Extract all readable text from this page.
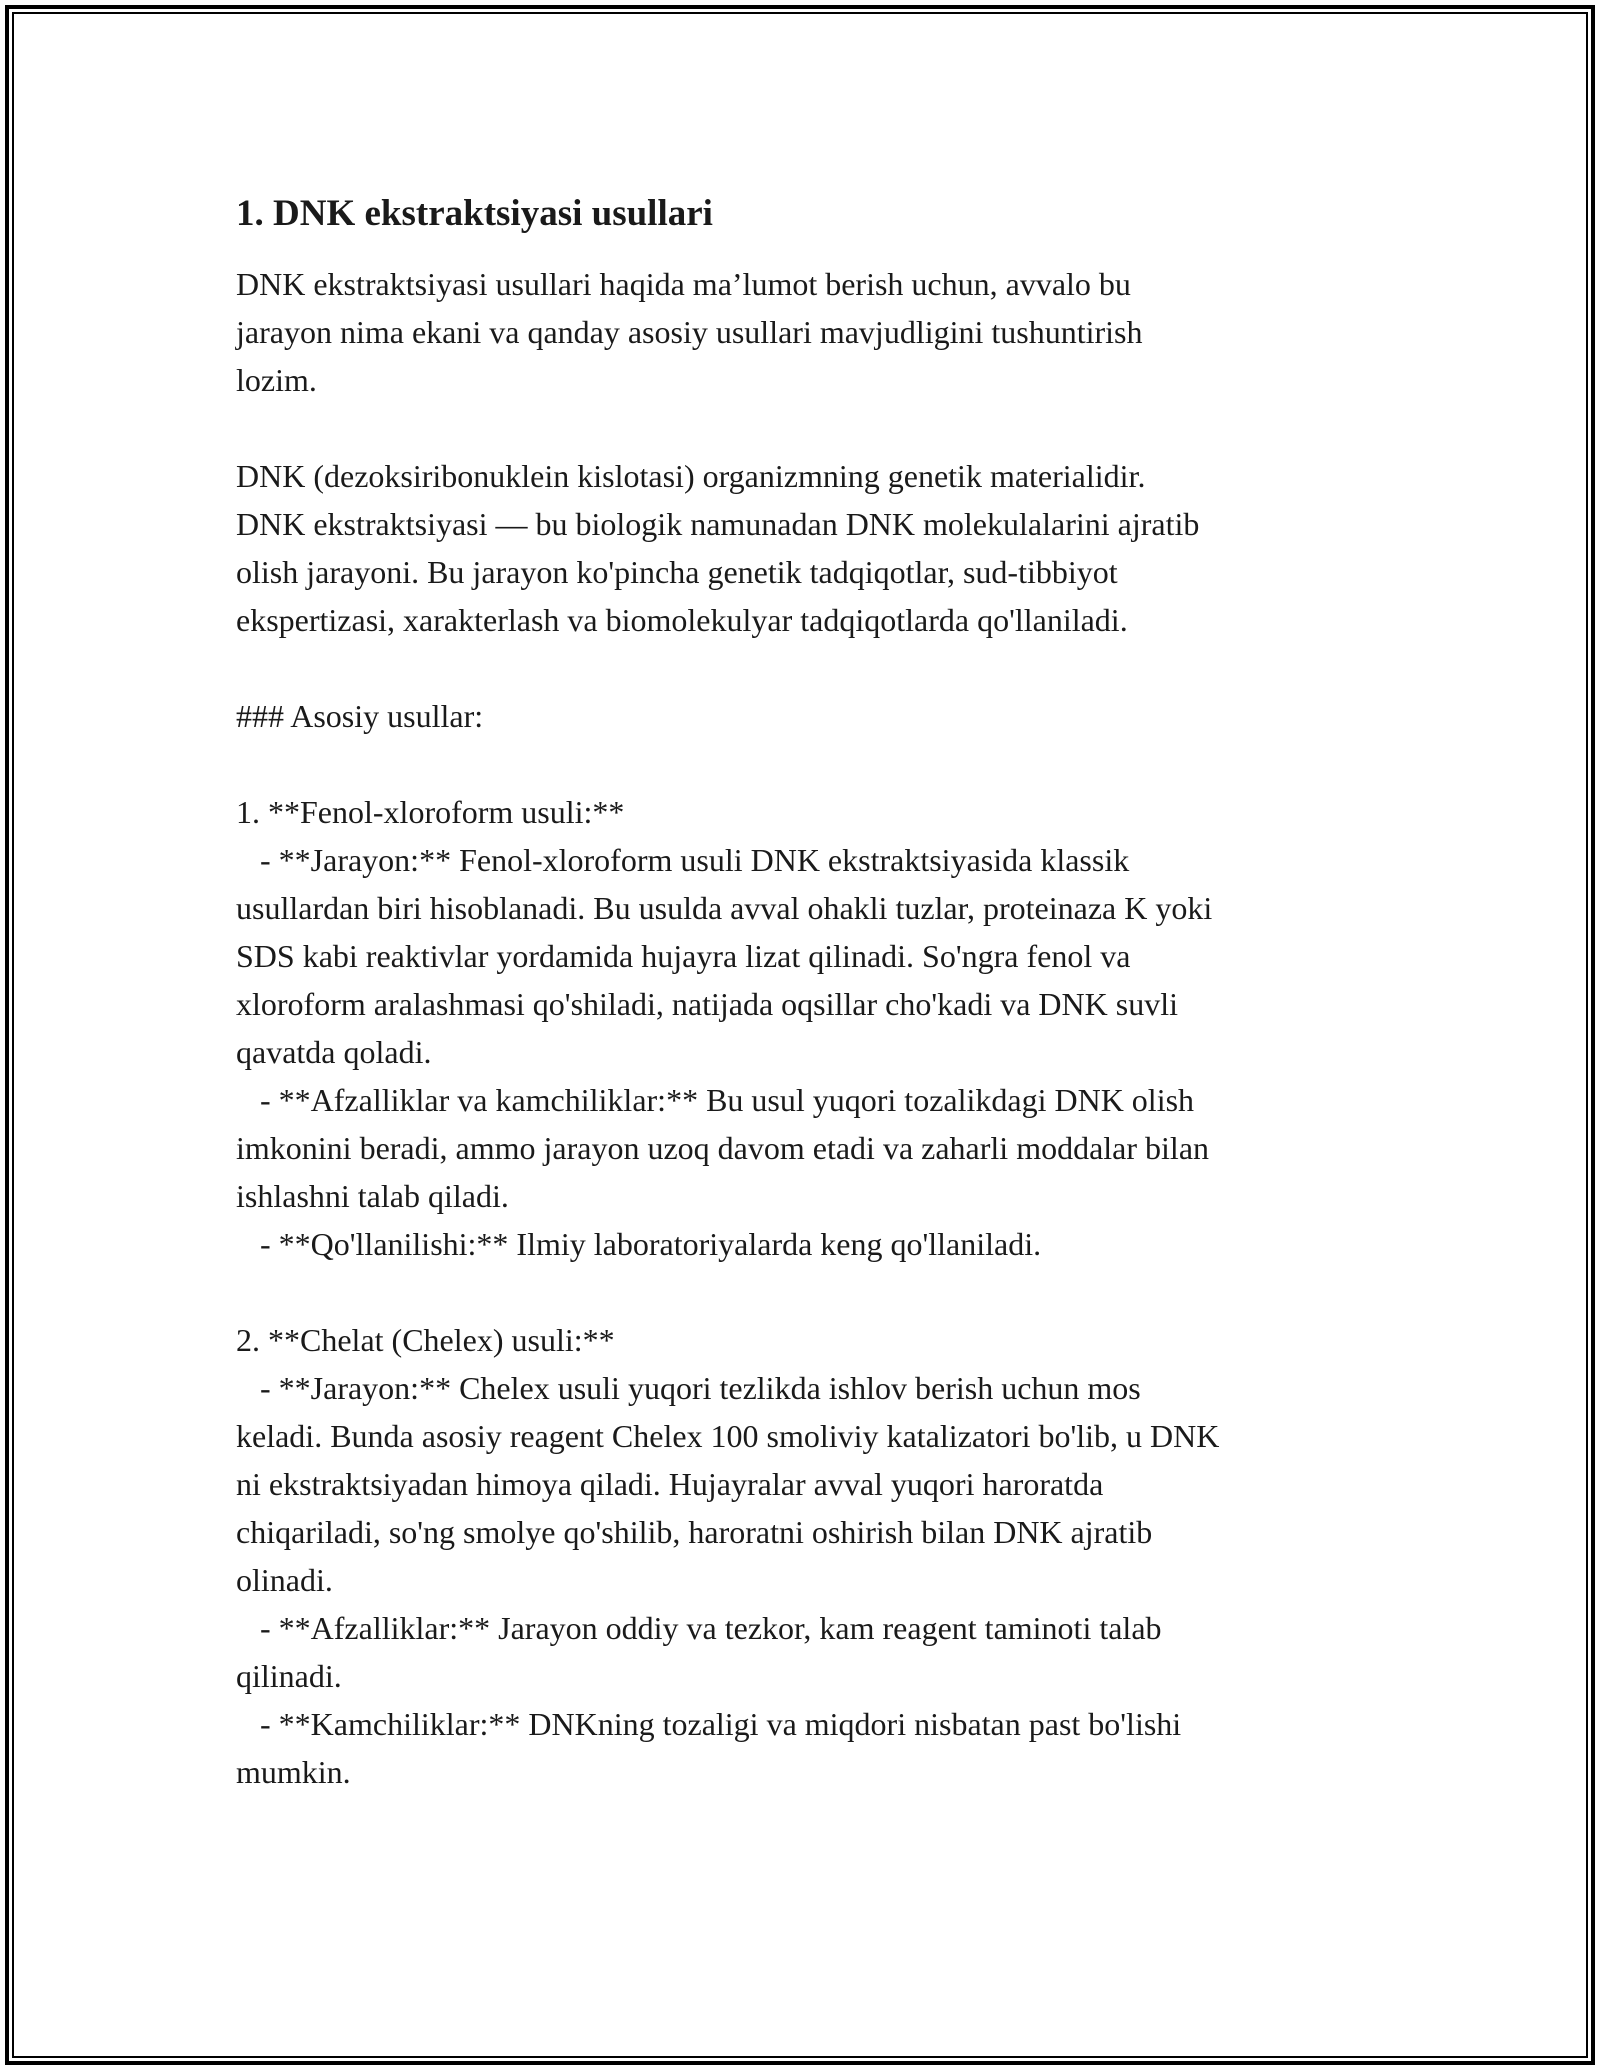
1. DNK ekstraktsiyasi usullari
DNK ekstraktsiyasi usullari haqida ma’lumot berish uchun, avvalo bu
jarayon nima ekani va qanday asosiy usullari mavjudligini tushuntirish
lozim.
DNK (dezoksiribonuklein kislotasi) organizmning genetik materialidir.
DNK ekstraktsiyasi — bu biologik namunadan DNK molekulalarini ajratib
olish jarayoni. Bu jarayon ko'pincha genetik tadqiqotlar, sud-tibbiyot
ekspertizasi, xarakterlash va biomolekulyar tadqiqotlarda qo'llaniladi.
### Asosiy usullar:
1. **Fenol-xloroform usuli:**
- **Jarayon:** Fenol-xloroform usuli DNK ekstraktsiyasida klassik
usullardan biri hisoblanadi. Bu usulda avval ohakli tuzlar, proteinaza K yoki
SDS kabi reaktivlar yordamida hujayra lizat qilinadi. So'ngra fenol va
xloroform aralashmasi qo'shiladi, natijada oqsillar cho'kadi va DNK suvli
qavatda qoladi.
- **Afzalliklar va kamchiliklar:** Bu usul yuqori tozalikdagi DNK olish
imkonini beradi, ammo jarayon uzoq davom etadi va zaharli moddalar bilan
ishlashni talab qiladi.
- **Qo'llanilishi:** Ilmiy laboratoriyalarda keng qo'llaniladi.
2. **Chelat (Chelex) usuli:**
- **Jarayon:** Chelex usuli yuqori tezlikda ishlov berish uchun mos
keladi. Bunda asosiy reagent Chelex 100 smoliviy katalizatori bo'lib, u DNK
ni ekstraktsiyadan himoya qiladi. Hujayralar avval yuqori haroratda
chiqariladi, so'ng smolye qo'shilib, haroratni oshirish bilan DNK ajratib
olinadi.
- **Afzalliklar:** Jarayon oddiy va tezkor, kam reagent taminoti talab
qilinadi.
- **Kamchiliklar:** DNKning tozaligi va miqdori nisbatan past bo'lishi
mumkin.
